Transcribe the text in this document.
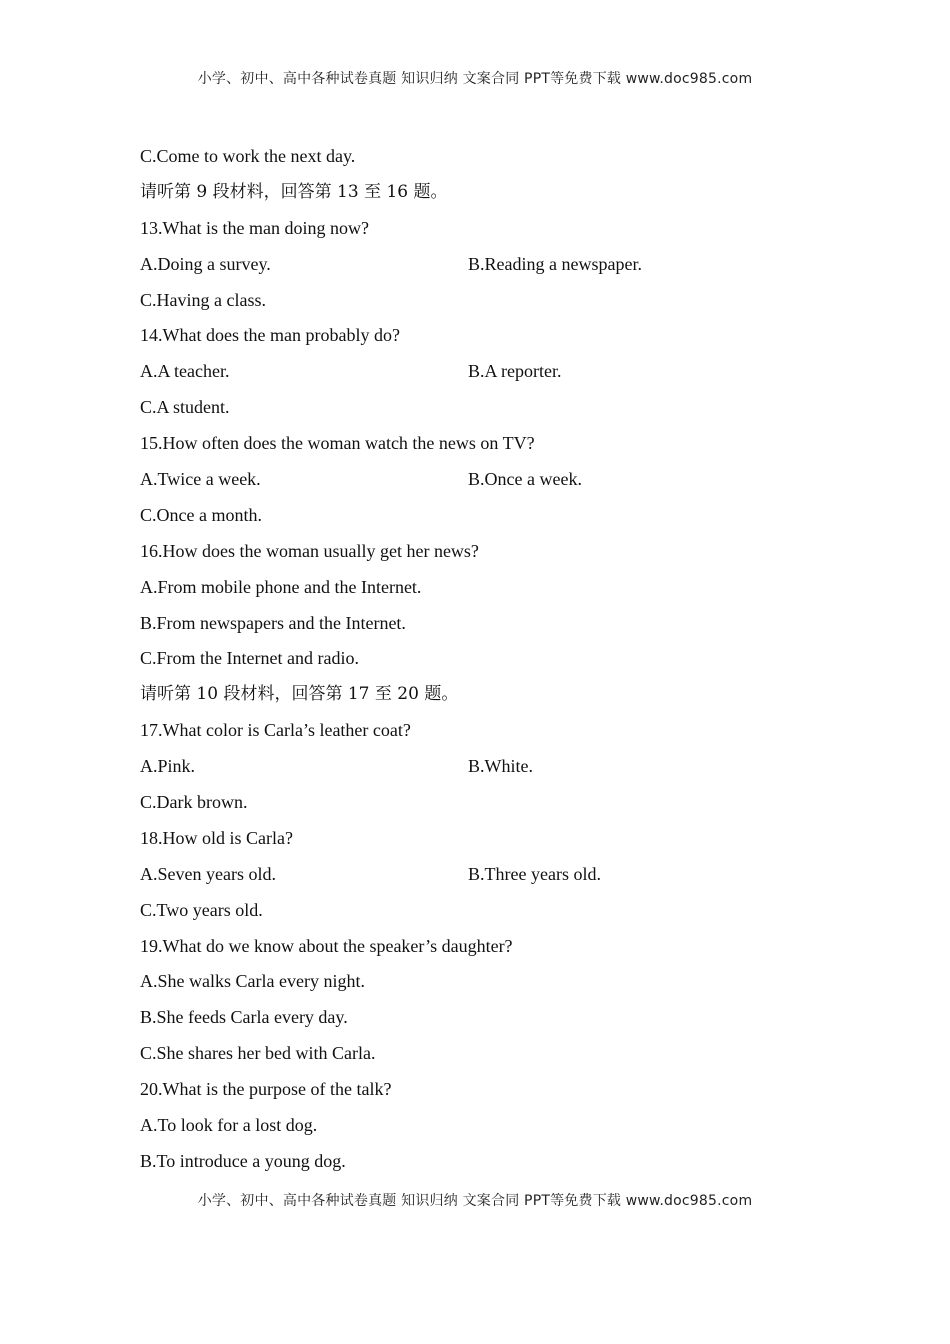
小学、初中、高中各种试卷真题 知识归纳 文案合同 PPT等免费下载 www.doc985.com
C.Come to work the next day.
请听第 9 段材料，回答第 13 至 16 题。
13.What is the man doing now?
A.Doing a survey.	B.Reading a newspaper.
C.Having a class.
14.What does the man probably do?
A.A teacher.	B.A reporter.
C.A student.
15.How often does the woman watch the news on TV?
A.Twice a week.	B.Once a week.
C.Once a month.
16.How does the woman usually get her news?
A.From mobile phone and the Internet.
B.From newspapers and the Internet.
C.From the Internet and radio.
请听第 10 段材料，回答第 17 至 20 题。
17.What color is Carla’s leather coat?
A.Pink.	B.White.
C.Dark brown.
18.How old is Carla?
A.Seven years old.	B.Three years old.
C.Two years old.
19.What do we know about the speaker’s daughter?
A.She walks Carla every night.
B.She feeds Carla every day.
C.She shares her bed with Carla.
20.What is the purpose of the talk?
A.To look for a lost dog.
B.To introduce a young dog.
小学、初中、高中各种试卷真题 知识归纳 文案合同 PPT等免费下载 www.doc985.com
